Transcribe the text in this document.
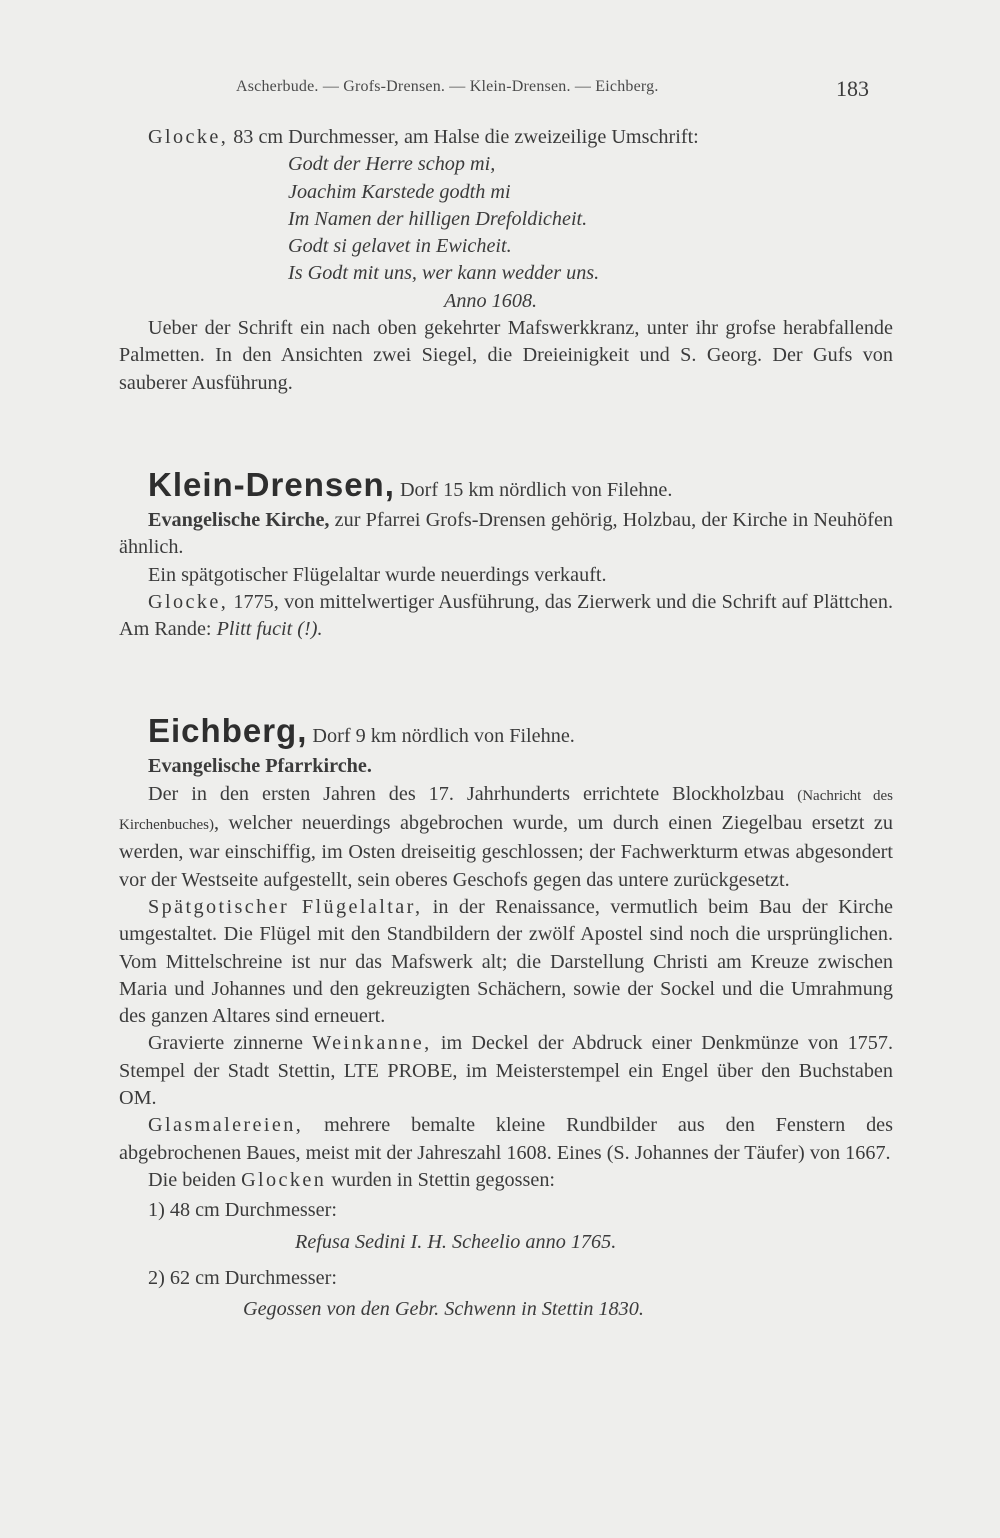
Ascherbude. — Grofs-Drensen. — Klein-Drensen. — Eichberg.	183

Glocke, 83 cm Durchmesser, am Halse die zweizeilige Umschrift:

Godt der Herre schop mi,
Joachim Karstede godth mi
Im Namen der hilligen Drefoldicheit.
Godt si gelavet in Ewicheit.
Is Godt mit uns, wer kann wedder uns.
Anno 1608.

Ueber der Schrift ein nach oben gekehrter Mafswerkkranz, unter ihr grofse herabfallende Palmetten. In den Ansichten zwei Siegel, die Dreieinigkeit und S. Georg. Der Gufs von sauberer Ausführung.

Klein-Drensen, Dorf 15 km nördlich von Filehne.

Evangelische Kirche, zur Pfarrei Grofs-Drensen gehörig, Holzbau, der Kirche in Neuhöfen ähnlich.

Ein spätgotischer Flügelaltar wurde neuerdings verkauft.

Glocke, 1775, von mittelwertiger Ausführung, das Zierwerk und die Schrift auf Plättchen. Am Rande: Plitt fucit (!).

Eichberg, Dorf 9 km nördlich von Filehne.

Evangelische Pfarrkirche.

Der in den ersten Jahren des 17. Jahrhunderts errichtete Blockholzbau (Nachricht des Kirchenbuches), welcher neuerdings abgebrochen wurde, um durch einen Ziegelbau ersetzt zu werden, war einschiffig, im Osten dreiseitig geschlossen; der Fachwerkturm etwas abgesondert vor der Westseite aufgestellt, sein oberes Geschofs gegen das untere zurückgesetzt.

Spätgotischer Flügelaltar, in der Renaissance, vermutlich beim Bau der Kirche umgestaltet. Die Flügel mit den Standbildern der zwölf Apostel sind noch die ursprünglichen. Vom Mittelschreine ist nur das Mafswerk alt; die Darstellung Christi am Kreuze zwischen Maria und Johannes und den gekreuzigten Schächern, sowie der Sockel und die Umrahmung des ganzen Altares sind erneuert.

Gravierte zinnerne Weinkanne, im Deckel der Abdruck einer Denkmünze von 1757. Stempel der Stadt Stettin, LTE PROBE, im Meisterstempel ein Engel über den Buchstaben OM.

Glasmalereien, mehrere bemalte kleine Rundbilder aus den Fenstern des abgebrochenen Baues, meist mit der Jahreszahl 1608. Eines (S. Johannes der Täufer) von 1667.

Die beiden Glocken wurden in Stettin gegossen:

1) 48 cm Durchmesser:

Refusa Sedini I. H. Scheelio anno 1765.

2) 62 cm Durchmesser:

Gegossen von den Gebr. Schwenn in Stettin 1830.
